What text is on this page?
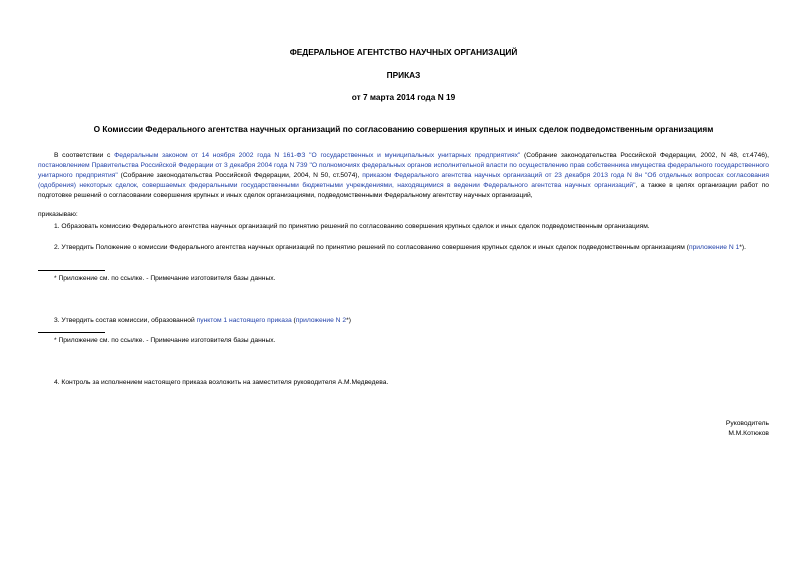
ФЕДЕРАЛЬНОЕ АГЕНТСТВО НАУЧНЫХ ОРГАНИЗАЦИЙ
ПРИКАЗ
от 7 марта 2014 года N 19
О Комиссии Федерального агентства научных организаций по согласованию совершения крупных и иных сделок подведомственным организациям
В соответствии с Федеральным законом от 14 ноября 2002 года N 161-ФЗ "О государственных и муниципальных унитарных предприятиях" (Собрание законодательства Российской Федерации, 2002, N 48, ст.4746), постановлением Правительства Российской Федерации от 3 декабря 2004 года N 739 "О полномочиях федеральных органов исполнительной власти по осуществлению прав собственника имущества федерального государственного унитарного предприятия" (Собрание законодательства Российской Федерации, 2004, N 50, ст.5074), приказом Федерального агентства научных организаций от 23 декабря 2013 года N 8н "Об отдельных вопросах согласования (одобрения) некоторых сделок, совершаемых федеральными государственными бюджетными учреждениями, находящимися в ведении Федерального агентства научных организаций", а также в целях организации работ по подготовке решений о согласовании совершения крупных и иных сделок организациями, подведомственными Федеральному агентству научных организаций,
приказываю:
1. Образовать комиссию Федерального агентства научных организаций по принятию решений по согласованию совершения крупных сделок и иных сделок подведомственным организациям.
2. Утвердить Положение о комиссии Федерального агентства научных организаций по принятию решений по согласованию совершения крупных сделок и иных сделок подведомственным организациям (приложение N 1*).
* Приложение см. по ссылке. - Примечание изготовителя базы данных.
3. Утвердить состав комиссии, образованной пунктом 1 настоящего приказа (приложение N 2*)
* Приложение см. по ссылке. - Примечание изготовителя базы данных.
4. Контроль за исполнением настоящего приказа возложить на заместителя руководителя А.М.Медведева.
Руководитель
М.М.Котюков
